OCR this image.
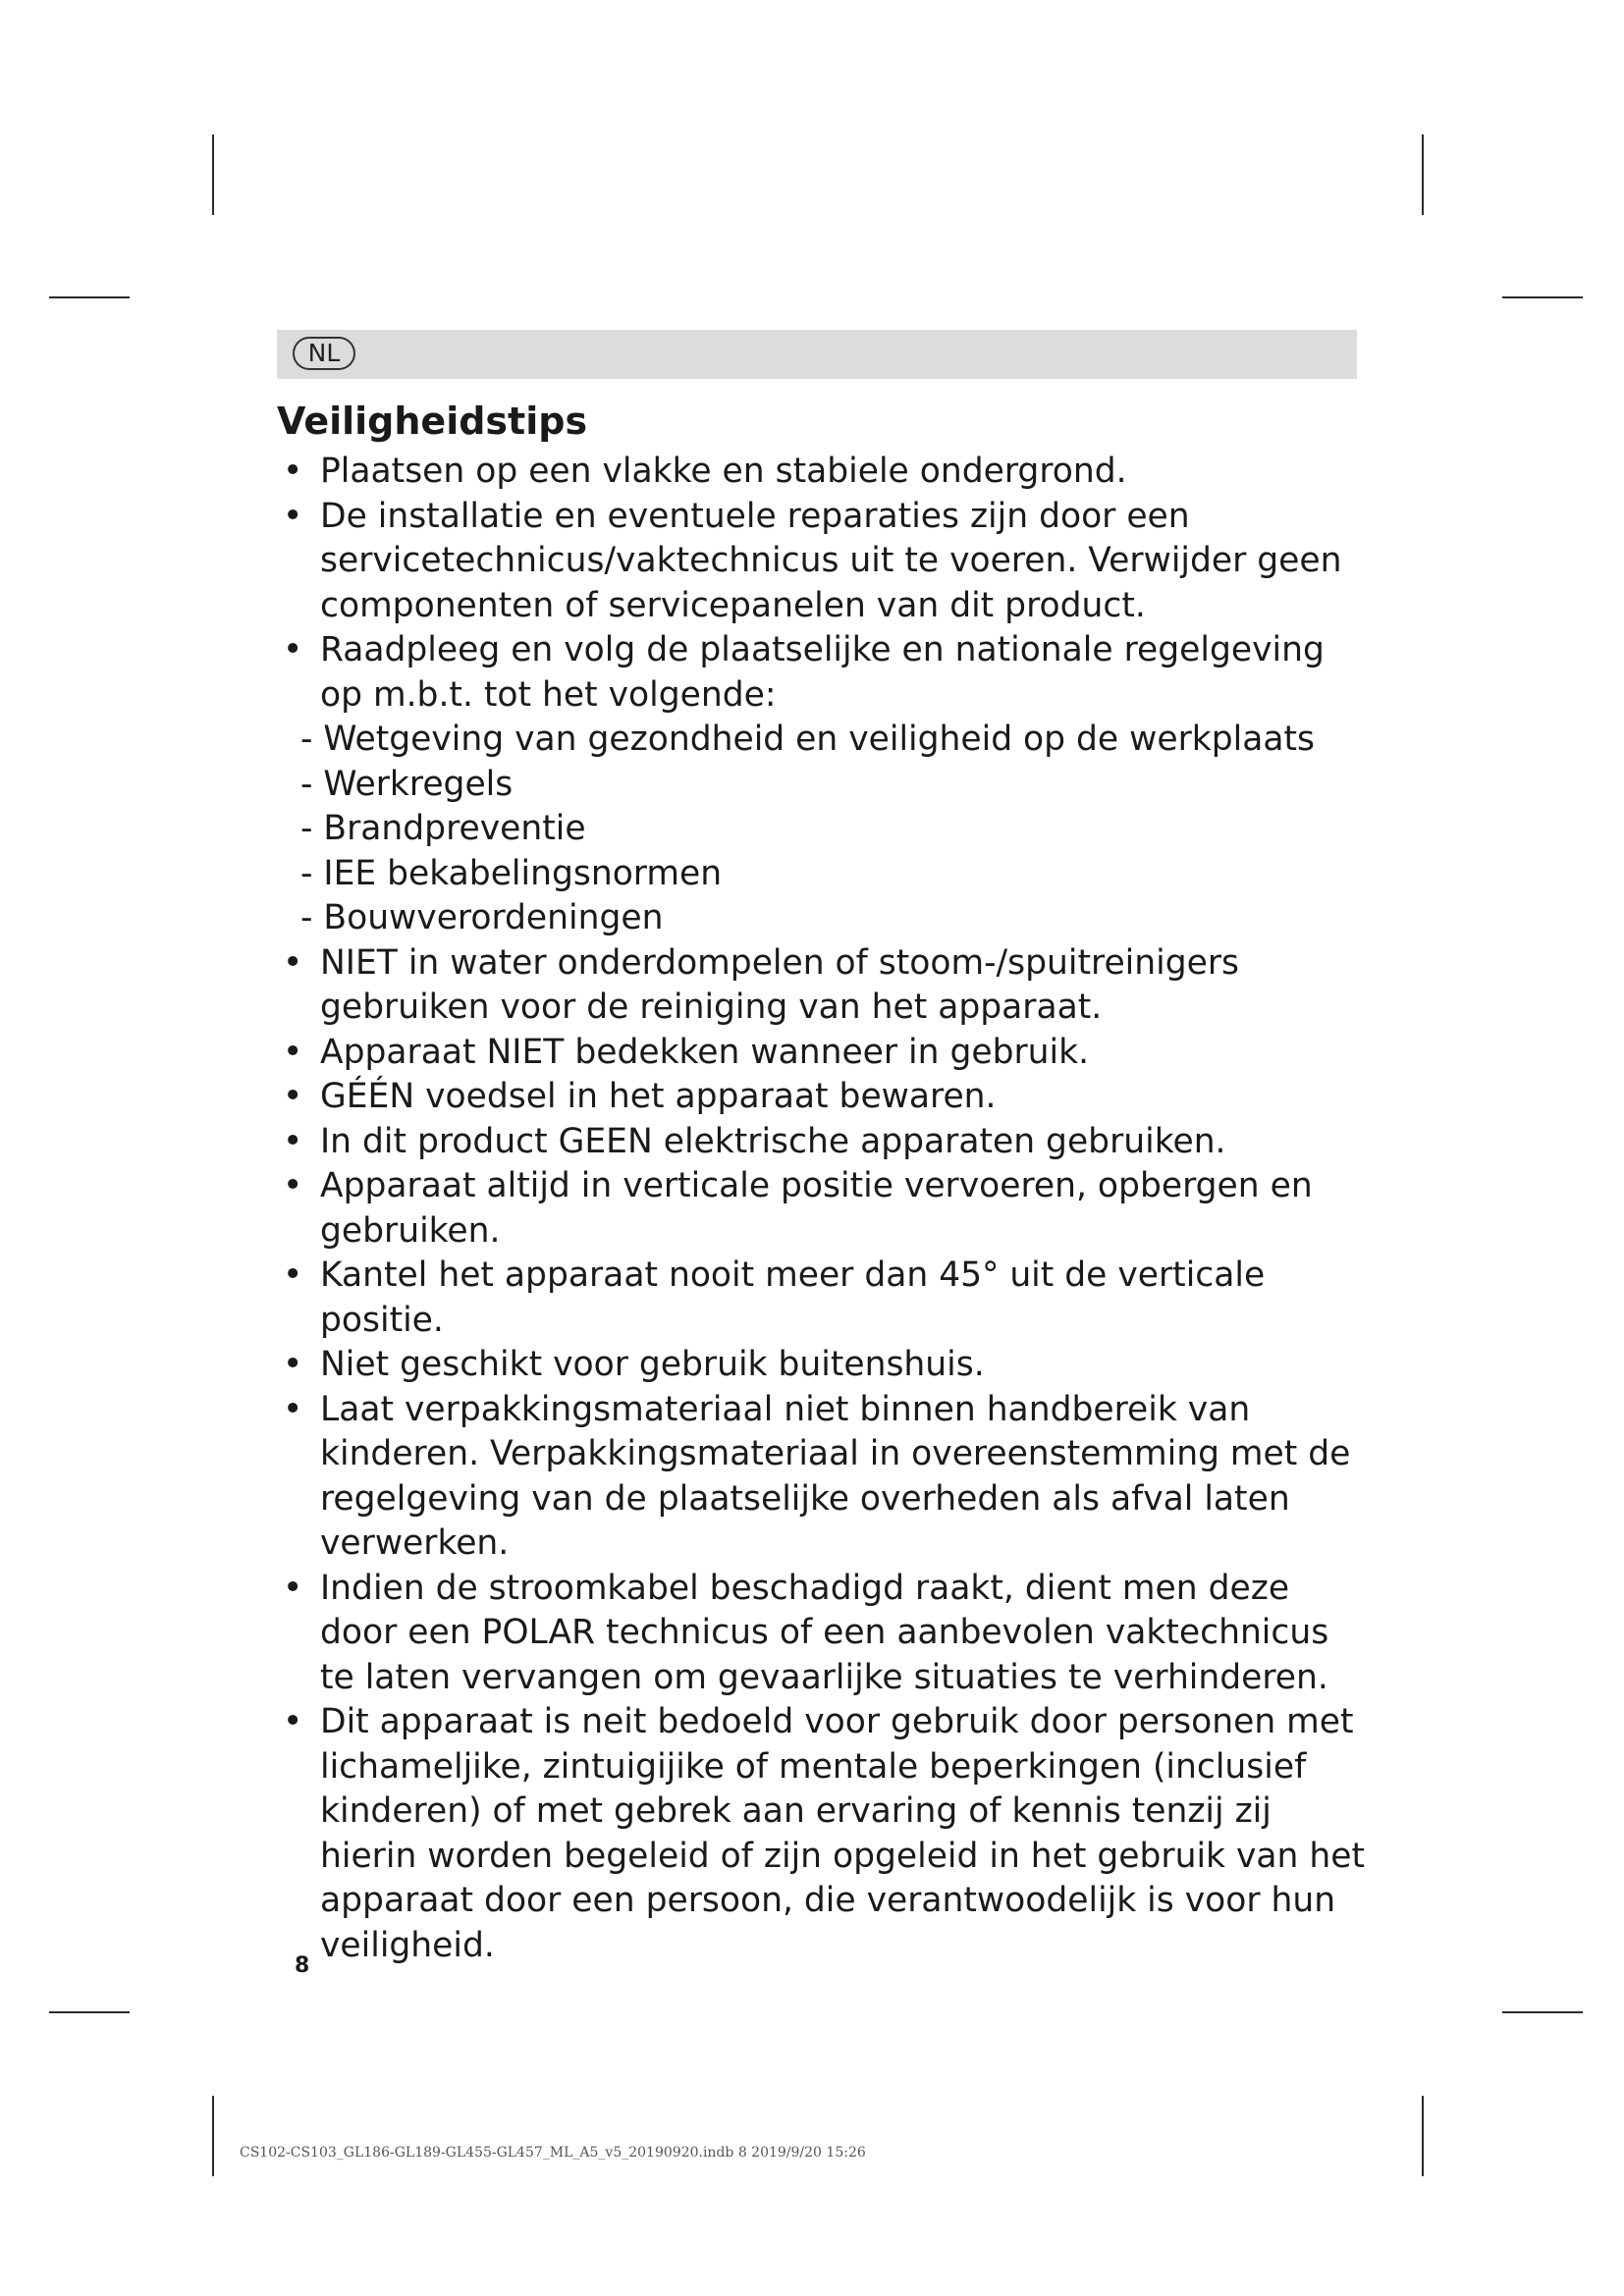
NL
Veiligheidstips
• Plaatsen op een vlakke en stabiele ondergrond.
• De installatie en eventuele reparaties zijn door een servicetechnicus/vaktechnicus uit te voeren. Verwijder geen componenten of servicepanelen van dit product.
• Raadpleeg en volg de plaatselijke en nationale regelgeving op m.b.t. tot het volgende:
- Wetgeving van gezondheid en veiligheid op de werkplaats
- Werkregels
- Brandpreventie
- IEE bekabelingsnormen
- Bouwverordeningen
• NIET in water onderdompelen of stoom-/spuitreinigers gebruiken voor de reiniging van het apparaat.
• Apparaat NIET bedekken wanneer in gebruik.
• GÉÉN voedsel in het apparaat bewaren.
• In dit product GEEN elektrische apparaten gebruiken.
• Apparaat altijd in verticale positie vervoeren, opbergen en gebruiken.
• Kantel het apparaat nooit meer dan 45° uit de verticale positie.
• Niet geschikt voor gebruik buitenshuis.
• Laat verpakkingsmateriaal niet binnen handbereik van kinderen. Verpakkingsmateriaal in overeenstemming met de regelgeving van de plaatselijke overheden als afval laten verwerken.
• Indien de stroomkabel beschadigd raakt, dient men deze door een POLAR technicus of een aanbevolen vaktechnicus te laten vervangen om gevaarlijke situaties te verhinderen.
• Dit apparaat is neit bedoeld voor gebruik door personen met lichameljike, zintuigijike of mentale beperkingen (inclusief kinderen) of met gebrek aan ervaring of kennis tenzij zij hierin worden begeleid of zijn opgeleid in het gebruik van het apparaat door een persoon, die verantwoodelijk is voor hun veiligheid.
8
CS102-CS103_GL186-GL189-GL455-GL457_ML_A5_v5_20190920.indb 8 2019/9/20 15:26
